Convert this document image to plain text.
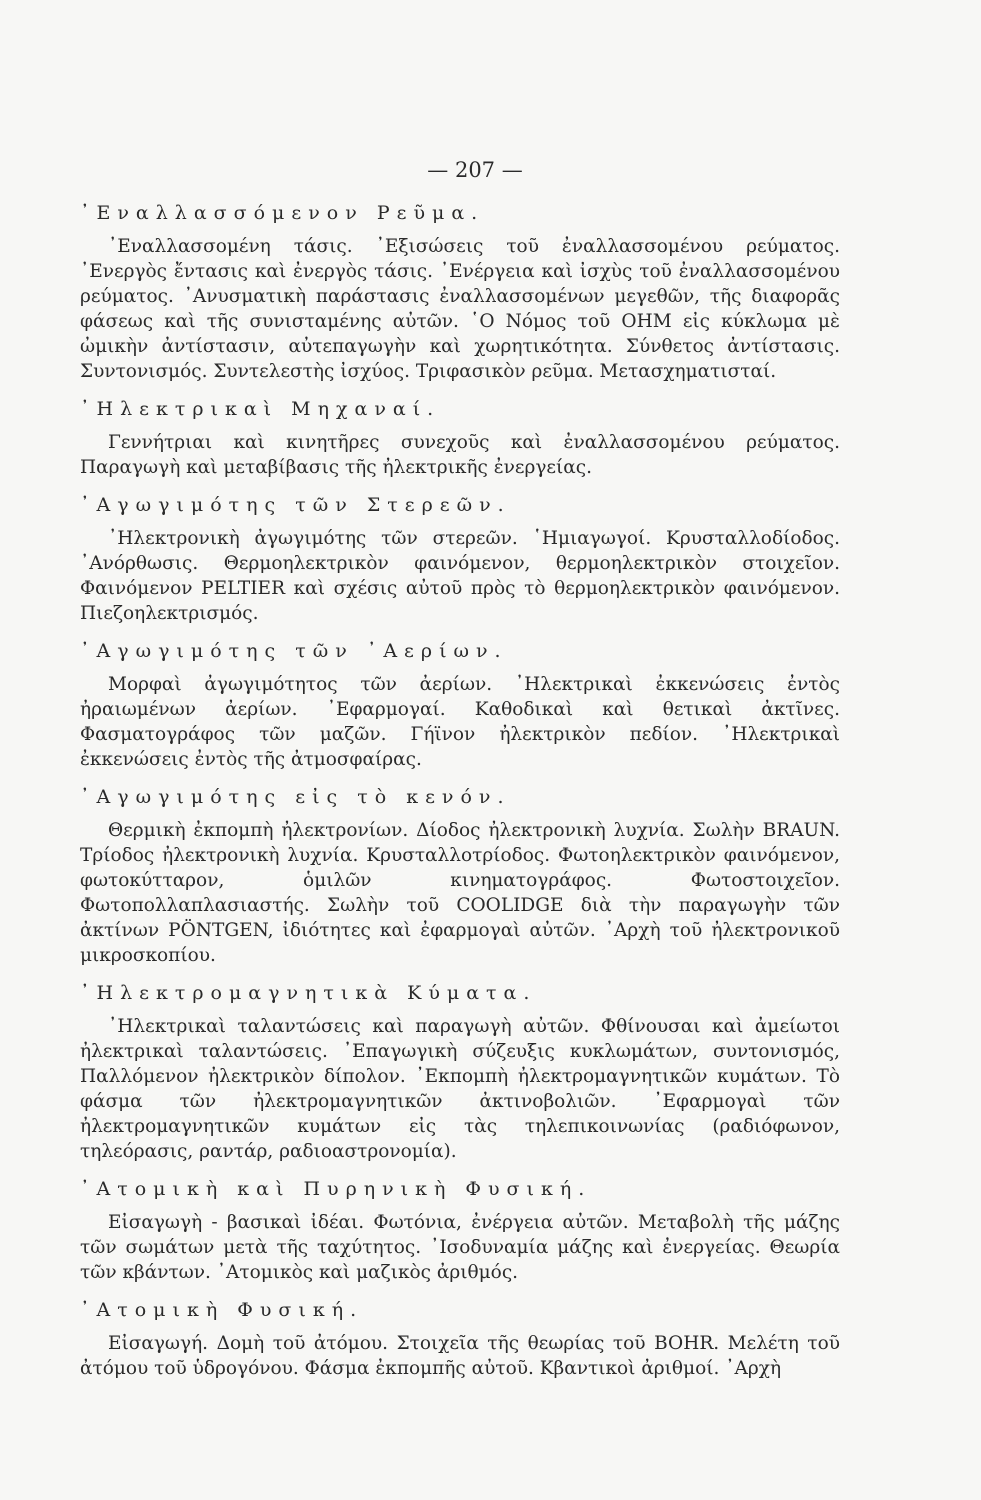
— 207 —

᾿Εναλλασσόμενον Ρεῦμα.

᾿Εναλλασσομένη τάσις. ᾿Εξισώσεις τοῦ ἐναλλασσομένου ρεύματος. ᾿Ενεργὸς ἔντασις καὶ ἐνεργὸς τάσις. ᾿Ενέργεια καὶ ἰσχὺς τοῦ ἐναλλασσομένου ρεύματος. ᾿Ανυσματικὴ παράστασις ἐναλλασσομένων μεγεθῶν, τῆς διαφορᾶς φάσεως καὶ τῆς συνισταμένης αὐτῶν. ῾Ο Νόμος τοῦ ΟΗΜ εἰς κύκλωμα μὲ ὠμικὴν ἀντίστασιν, αὐτεπαγωγὴν καὶ χωρητικότητα. Σύνθετος ἀντίστασις. Συντονισμός. Συντελεστὴς ἰσχύος. Τριφασικὸν ρεῦμα. Μετασχηματισταί.

᾿Ηλεκτρικαὶ Μηχαναί.

Γεννήτριαι καὶ κινητῆρες συνεχοῦς καὶ ἐναλλασσομένου ρεύματος. Παραγωγὴ καὶ μεταβίβασις τῆς ἠλεκτρικῆς ἐνεργείας.

᾿Αγωγιμότης τῶν Στερεῶν.

᾿Ηλεκτρονικὴ ἀγωγιμότης τῶν στερεῶν. ῾Ημιαγωγοί. Κρυσταλλοδίοδος. ᾿Ανόρθωσις. Θερμοηλεκτρικὸν φαινόμενον, θερμοηλεκτρικὸν στοιχεῖον. Φαινόμενον PELTIER καὶ σχέσις αὐτοῦ πρὸς τὸ θερμοηλεκτρικὸν φαινόμενον. Πιεζοηλεκτρισμός.

᾿Αγωγιμότης τῶν ᾿Αερίων.

Μορφαὶ ἀγωγιμότητος τῶν ἀερίων. ᾿Ηλεκτρικαὶ ἐκκενώσεις ἐντὸς ἠραιωμένων ἀερίων. ᾿Εφαρμογαί. Καθοδικαὶ καὶ θετικαὶ ἀκτῖνες. Φασματογράφος τῶν μαζῶν. Γήϊνον ἠλεκτρικὸν πεδίον. ᾿Ηλεκτρικαὶ ἐκκενώσεις ἐντὸς τῆς ἀτμοσφαίρας.

᾿Αγωγιμότης εἰς τὸ κενόν.

Θερμικὴ ἐκπομπὴ ἠλεκτρονίων. Δίοδος ἠλεκτρονικὴ λυχνία. Σωλὴν BRAUN. Τρίοδος ἠλεκτρονικὴ λυχνία. Κρυσταλλοτρίοδος. Φωτοηλεκτρικὸν φαινόμενον, φωτοκύτταρον, ὁμιλῶν κινηματογράφος. Φωτοστοιχεῖον. Φωτοπολλαπλασιαστής. Σωλὴν τοῦ COOLIDGE διὰ τὴν παραγωγὴν τῶν ἀκτίνων PÖNTGEN, ἰδιότητες καὶ ἐφαρμογαὶ αὐτῶν. ᾿Αρχὴ τοῦ ἠλεκτρονικοῦ μικροσκοπίου.

᾿Ηλεκτρομαγνητικὰ Κύματα.

᾿Ηλεκτρικαὶ ταλαντώσεις καὶ παραγωγὴ αὐτῶν. Φθίνουσαι καὶ ἀμείωτοι ἠλεκτρικαὶ ταλαντώσεις. ᾿Επαγωγικὴ σύζευξις κυκλωμάτων, συντονισμός, Παλλόμενον ἠλεκτρικὸν δίπολον. ᾿Εκπομπὴ ἠλεκτρομαγνητικῶν κυμάτων. Τὸ φάσμα τῶν ἠλεκτρομαγνητικῶν ἀκτινοβολιῶν. ᾿Εφαρμογαὶ τῶν ἠλεκτρομαγνητικῶν κυμάτων εἰς τὰς τηλεπικοινωνίας (ραδιόφωνον, τηλεόρασις, ραντάρ, ραδιοαστρονομία).

᾿Ατομικὴ καὶ Πυρηνικὴ Φυσική.

Εἰσαγωγὴ - βασικαὶ ἰδέαι. Φωτόνια, ἐνέργεια αὐτῶν. Μεταβολὴ τῆς μάζης τῶν σωμάτων μετὰ τῆς ταχύτητος. ᾿Ισοδυναμία μάζης καὶ ἐνεργείας. Θεωρία τῶν κβάντων. ᾿Ατομικὸς καὶ μαζικὸς ἀριθμός.

᾿Ατομικὴ Φυσική.

Εἰσαγωγή. Δομὴ τοῦ ἀτόμου. Στοιχεῖα τῆς θεωρίας τοῦ BOHR. Μελέτη τοῦ ἀτόμου τοῦ ὑδρογόνου. Φάσμα ἐκπομπῆς αὐτοῦ. Κβαντικοὶ ἀριθμοί. ᾿Αρχὴ
